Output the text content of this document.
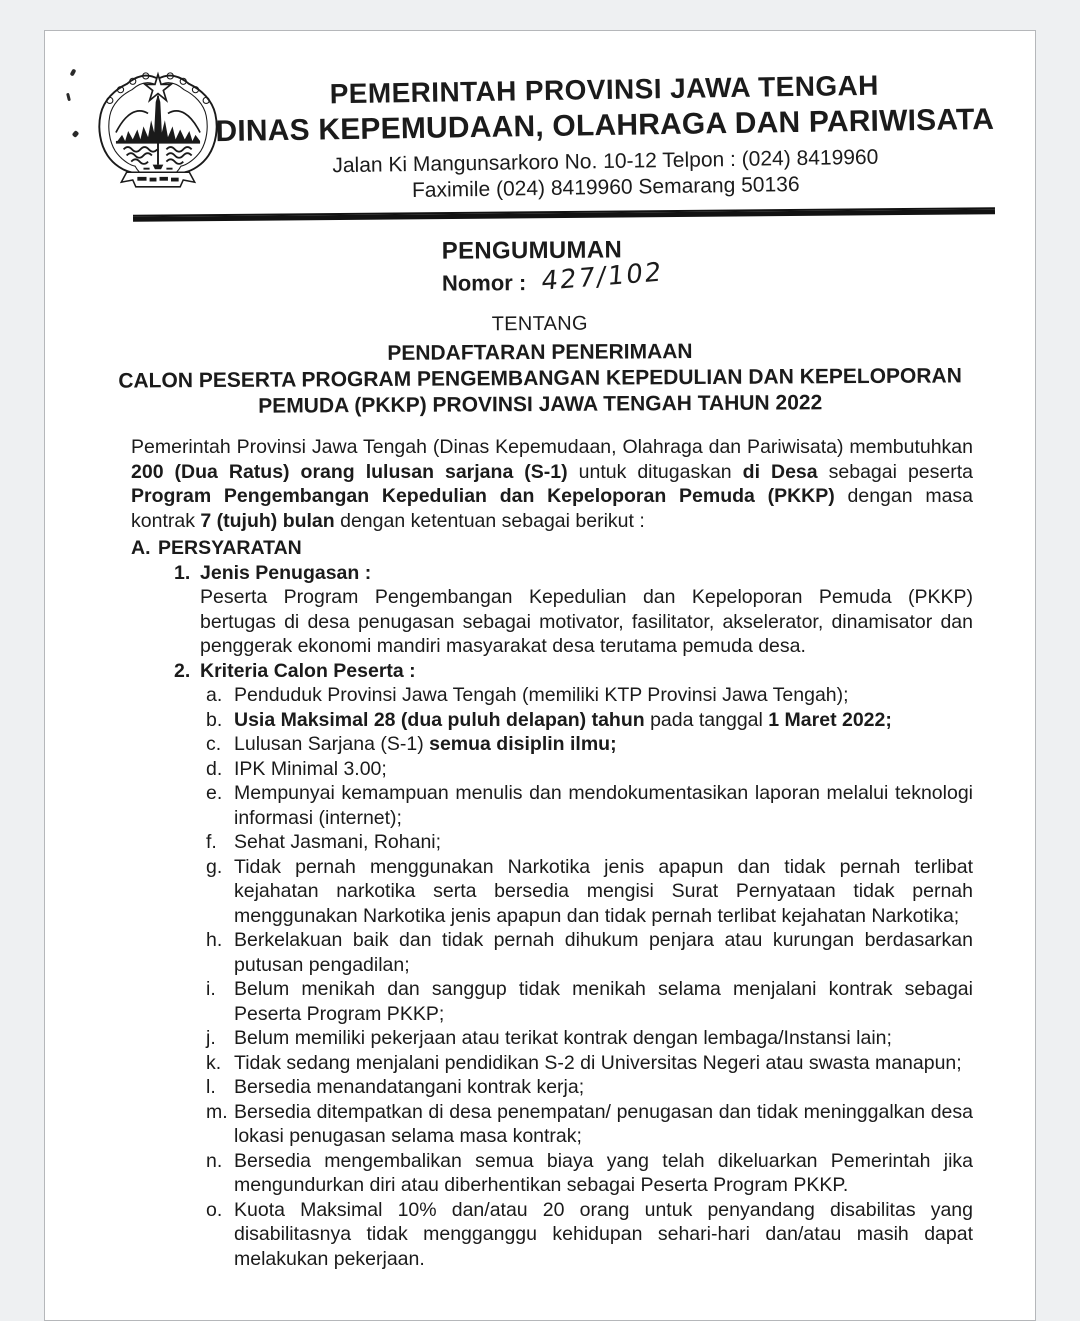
PEMERINTAH PROVINSI JAWA TENGAH
DINAS KEPEMUDAAN, OLAHRAGA DAN PARIWISATA
Jalan Ki Mangunsarkoro No. 10-12 Telpon : (024) 8419960
Faximile (024) 8419960 Semarang 50136
PENGUMUMAN
Nomor : 427/102
TENTANG
PENDAFTARAN PENERIMAAN
CALON PESERTA PROGRAM PENGEMBANGAN KEPEDULIAN DAN KEPELOPORAN
PEMUDA (PKKP) PROVINSI JAWA TENGAH TAHUN 2022

Pemerintah Provinsi Jawa Tengah (Dinas Kepemudaan, Olahraga dan Pariwisata) membutuhkan 200 (Dua Ratus) orang lulusan sarjana (S-1) untuk ditugaskan di Desa sebagai peserta Program Pengembangan Kepedulian dan Kepeloporan Pemuda (PKKP) dengan masa kontrak 7 (tujuh) bulan dengan ketentuan sebagai berikut :

A. PERSYARATAN
1. Jenis Penugasan :
Peserta Program Pengembangan Kepedulian dan Kepeloporan Pemuda (PKKP) bertugas di desa penugasan sebagai motivator, fasilitator, akselerator, dinamisator dan penggerak ekonomi mandiri masyarakat desa terutama pemuda desa.
2. Kriteria Calon Peserta :
a. Penduduk Provinsi Jawa Tengah (memiliki KTP Provinsi Jawa Tengah);
b. Usia Maksimal 28 (dua puluh delapan) tahun pada tanggal 1 Maret 2022;
c. Lulusan Sarjana (S-1) semua disiplin ilmu;
d. IPK Minimal 3.00;
e. Mempunyai kemampuan menulis dan mendokumentasikan laporan melalui teknologi informasi (internet);
f. Sehat Jasmani, Rohani;
g. Tidak pernah menggunakan Narkotika jenis apapun dan tidak pernah terlibat kejahatan narkotika serta bersedia mengisi Surat Pernyataan tidak pernah menggunakan Narkotika jenis apapun dan tidak pernah terlibat kejahatan Narkotika;
h. Berkelakuan baik dan tidak pernah dihukum penjara atau kurungan berdasarkan putusan pengadilan;
i. Belum menikah dan sanggup tidak menikah selama menjalani kontrak sebagai Peserta Program PKKP;
j. Belum memiliki pekerjaan atau terikat kontrak dengan lembaga/Instansi lain;
k. Tidak sedang menjalani pendidikan S-2 di Universitas Negeri atau swasta manapun;
l. Bersedia menandatangani kontrak kerja;
m. Bersedia ditempatkan di desa penempatan/ penugasan dan tidak meninggalkan desa lokasi penugasan selama masa kontrak;
n. Bersedia mengembalikan semua biaya yang telah dikeluarkan Pemerintah jika mengundurkan diri atau diberhentikan sebagai Peserta Program PKKP.
o. Kuota Maksimal 10% dan/atau 20 orang untuk penyandang disabilitas yang disabilitasnya tidak mengganggu kehidupan sehari-hari dan/atau masih dapat melakukan pekerjaan.
